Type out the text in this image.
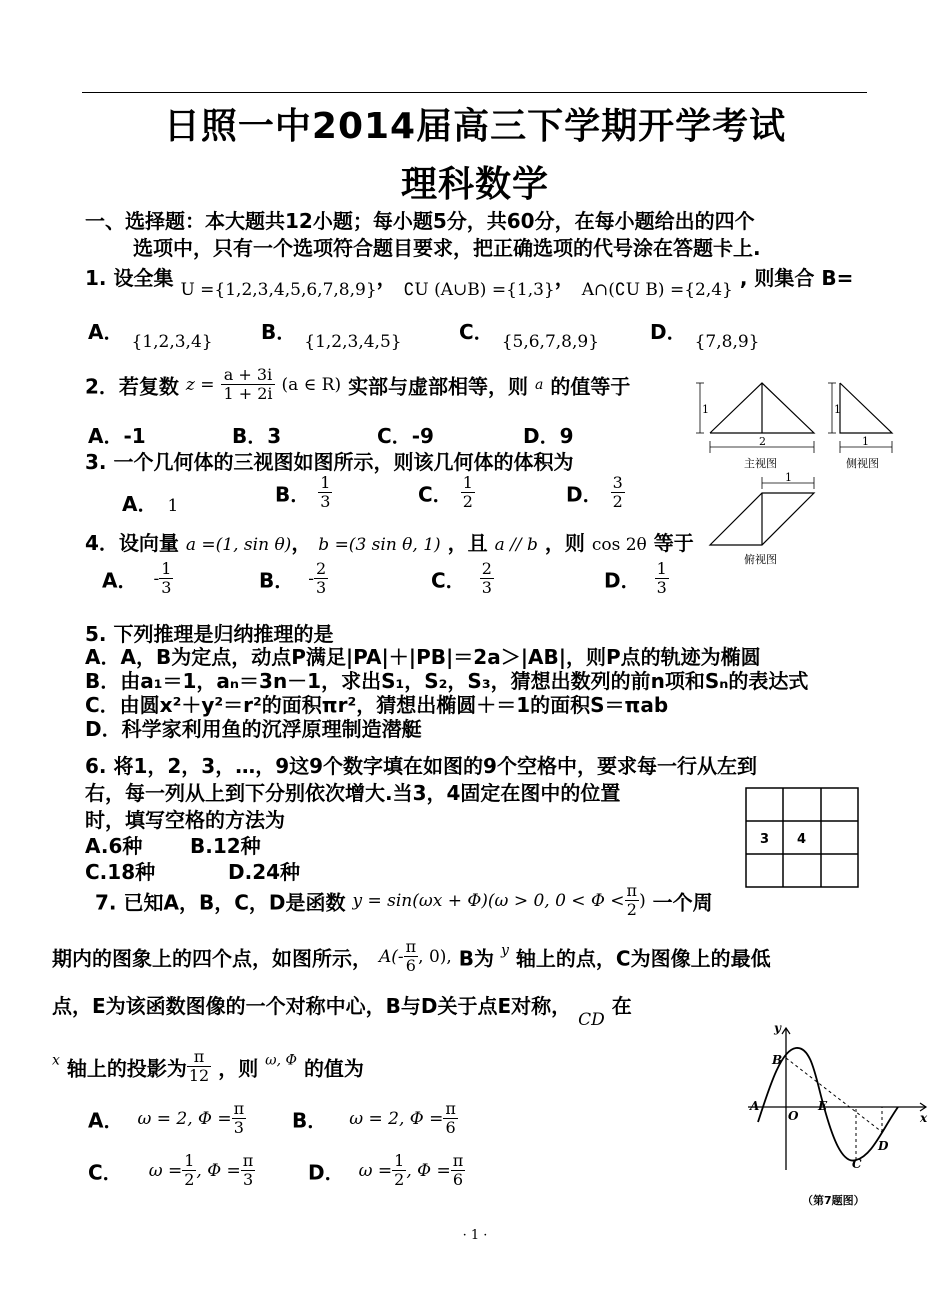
日照一中2014届高三下学期开学考试
理科数学
一、选择题：本大题共12小题；每小题5分，共60分，在每小题给出的四个
选项中，只有一个选项符合题目要求，把正确选项的代号涂在答题卡上.
1. 设全集 $_{U =\{1,2,3,4,5,6,7,8,9\}}$， $_{∁U (A\cup B) =\{1,3\}}$， $_{A\cap(∁U B) =\{2,4\}}$ , 则集合 B=
A． $_{\{1,2,3,4\}}$ B． $_{\{1,2,3,4,5\}}$	C． $_{\{5,6,7,8,9\}}$	D． $_{\{7,8,9\}}$
2．若复数 $z = \frac{a + 3i}{1 + 2i} (a$ ∈ R) 实部与虚部相等，则 a 的值等于
A．-1	B．3	C．-9	D．9
3. 一个几何体的三视图如图所示，则该几何体的体积为
A． 1	B． $\frac{1}{3}$	C． $\frac{1}{2}$	D． $\frac{3}{2}$
4．设向量 a =(1, sin θ)， b =(3 sin θ, 1) ，且 a // b ，则 cos 2θ 等于
A． - $\frac{1}{3}$	B． - $\frac{2}{3}$	C． $\frac{2}{3}$	D． $\frac{1}{3}$
1
2
1
1
1
主视图	侧视图
俯视图
5. 下列推理是归纳推理的是
A．A，B为定点，动点P满足|PA|＋|PB|＝2a＞|AB|，则P点的轨迹为椭圆
B．由a₁＝1，aₙ＝3n－1，求出S₁，S₂，S₃，猜想出数列的前n项和Sₙ的表达式
C．由圆x²＋y²＝r²的面积πr²，猜想出椭圆＋＝1的面积S＝πab
D．科学家利用鱼的沉浮原理制造潜艇
6. 将1，2，3，…，9这9个数字填在如图的9个空格中，要求每一行从左到
右，每一列从上到下分别依次增大.当3，4固定在图中的位置
时，填写空格的方法为
A.6种 B.12种
C.18种	D.24种
3 4
7. 已知A，B，C，D是函数 y = sin(ωx + Φ)(ω > 0, $0 < \Phi < \frac{\pi}{2}$ ) 一个周
期内的图象上的四个点，如图所示， $A(- \frac{\pi}{6}$ , 0), B为 $^y$ 轴上的点，C为图像上的最低
点，E为该函数图像的一个对称中心，B与D关于点E对称， $_{CD}$ 在
$^x$ 轴上的投影为 $\frac{\pi}{12}$ ，则 $^{\omega, \Phi}$ 的值为
A． ω = 2, $\Phi = \frac{\pi}{3}$ B． ω = 2, $\Phi = \frac{\pi}{6}$
C． $\omega = \frac{1}{2}$ , $\Phi = \frac{\pi}{3}$	D． $\omega = \frac{1}{2}$ , $\Phi = \frac{\pi}{6}$
y
x
A
O
B
E
C
D
（第7题图）
· 1 ·
